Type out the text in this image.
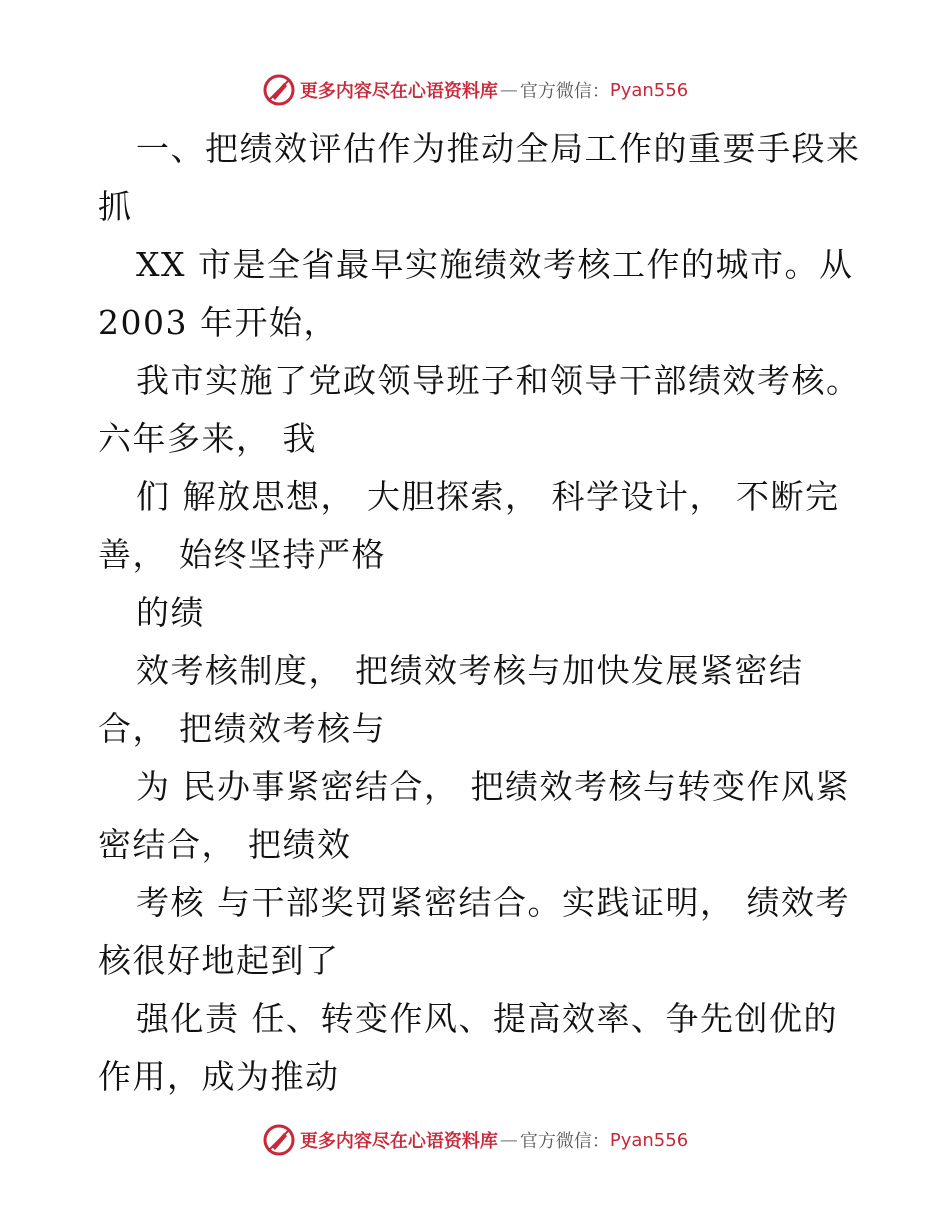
更多内容尽在心语资料库 — 官方微信： Pyan556

一、把绩效评估作为推动全局工作的重要手段来
抓

XX 市是全省最早实施绩效考核工作的城市。从
2003 年开始，

我市实施了党政领导班子和领导干部绩效考核。
六年多来， 我

们 解放思想， 大胆探索， 科学设计， 不断完
善， 始终坚持严格

的绩

效考核制度， 把绩效考核与加快发展紧密结
合， 把绩效考核与

为 民办事紧密结合， 把绩效考核与转变作风紧
密结合， 把绩效

考核 与干部奖罚紧密结合。实践证明， 绩效考
核很好地起到了

强化责 任、转变作风、提高效率、争先创优的
作用，成为推动

更多内容尽在心语资料库 — 官方微信： Pyan556
